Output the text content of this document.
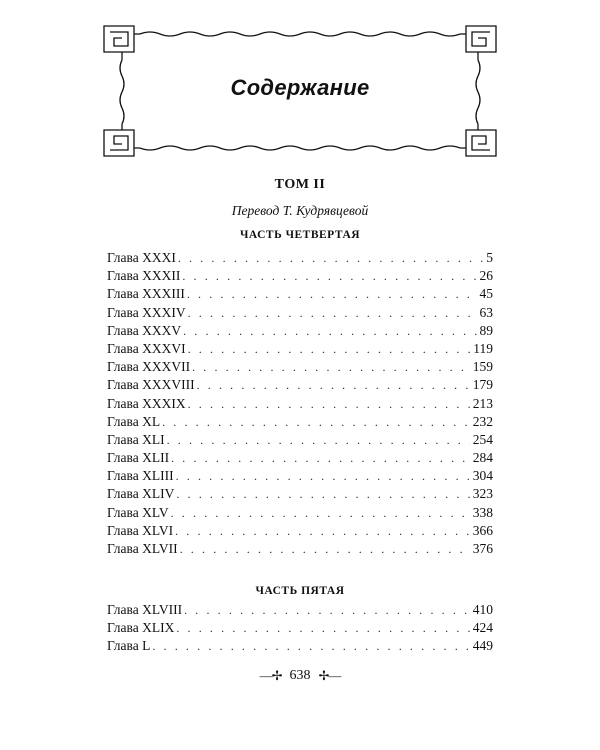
Содержание
ТОМ II
Перевод Т. Кудрявцевой
ЧАСТЬ ЧЕТВЕРТАЯ
Глава XXXI . . .	5
Глава XXXII . . .	26
Глава XXXIII . . .	45
Глава XXXIV . . .	63
Глава XXXV . . .	89
Глава XXXVI . . .	119
Глава XXXVII . . .	159
Глава XXXVIII . . .	179
Глава XXXIX . . .	213
Глава XL . . .	232
Глава XLI . . .	254
Глава XLII . . .	284
Глава XLIII . . .	304
Глава XLIV . . .	323
Глава XLV . . .	338
Глава XLVI . . .	366
Глава XLVII . . .	376
ЧАСТЬ ПЯТАЯ
Глава XLVIII . . .	410
Глава XLIX . . .	424
Глава L . . .	449
—✢ 638 ✢—
